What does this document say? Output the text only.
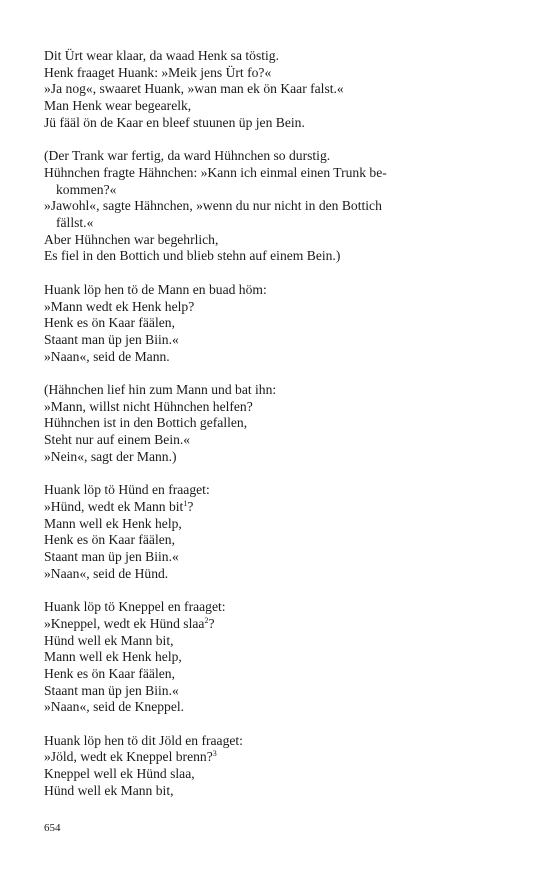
Dit Ürt wear klaar, da waad Henk sa töstig.
Henk fraaget Huank: »Meik jens Ürt fo?«
»Ja nog«, swaaret Huank, »wan man ek ön Kaar falst.«
Man Henk wear begearelk,
Jü fääl ön de Kaar en bleef stuunen üp jen Bein.
(Der Trank war fertig, da ward Hühnchen so durstig.
Hühnchen fragte Hähnchen: »Kann ich einmal einen Trunk be-
kommen?«
»Jawohl«, sagte Hähnchen, »wenn du nur nicht in den Bottich
fällst.«
Aber Hühnchen war begehrlich,
Es fiel in den Bottich und blieb stehn auf einem Bein.)
Huank löp hen tö de Mann en buad höm:
»Mann wedt ek Henk help?
Henk es ön Kaar fäälen,
Staant man üp jen Biin.«
»Naan«, seid de Mann.
(Hähnchen lief hin zum Mann und bat ihn:
»Mann, willst nicht Hühnchen helfen?
Hühnchen ist in den Bottich gefallen,
Steht nur auf einem Bein.«
»Nein«, sagt der Mann.)
Huank löp tö Hünd en fraaget:
»Hünd, wedt ek Mann bit$^1$?
Mann well ek Henk help,
Henk es ön Kaar fäälen,
Staant man üp jen Biin.«
»Naan«, seid de Hünd.
Huank löp tö Kneppel en fraaget:
»Kneppel, wedt ek Hünd slaa$^2$?
Hünd well ek Mann bit,
Mann well ek Henk help,
Henk es ön Kaar fäälen,
Staant man üp jen Biin.«
»Naan«, seid de Kneppel.
Huank löp hen tö dit Jöld en fraaget:
»Jöld, wedt ek Kneppel brenn?$^3$
Kneppel well ek Hünd slaa,
Hünd well ek Mann bit,
654
